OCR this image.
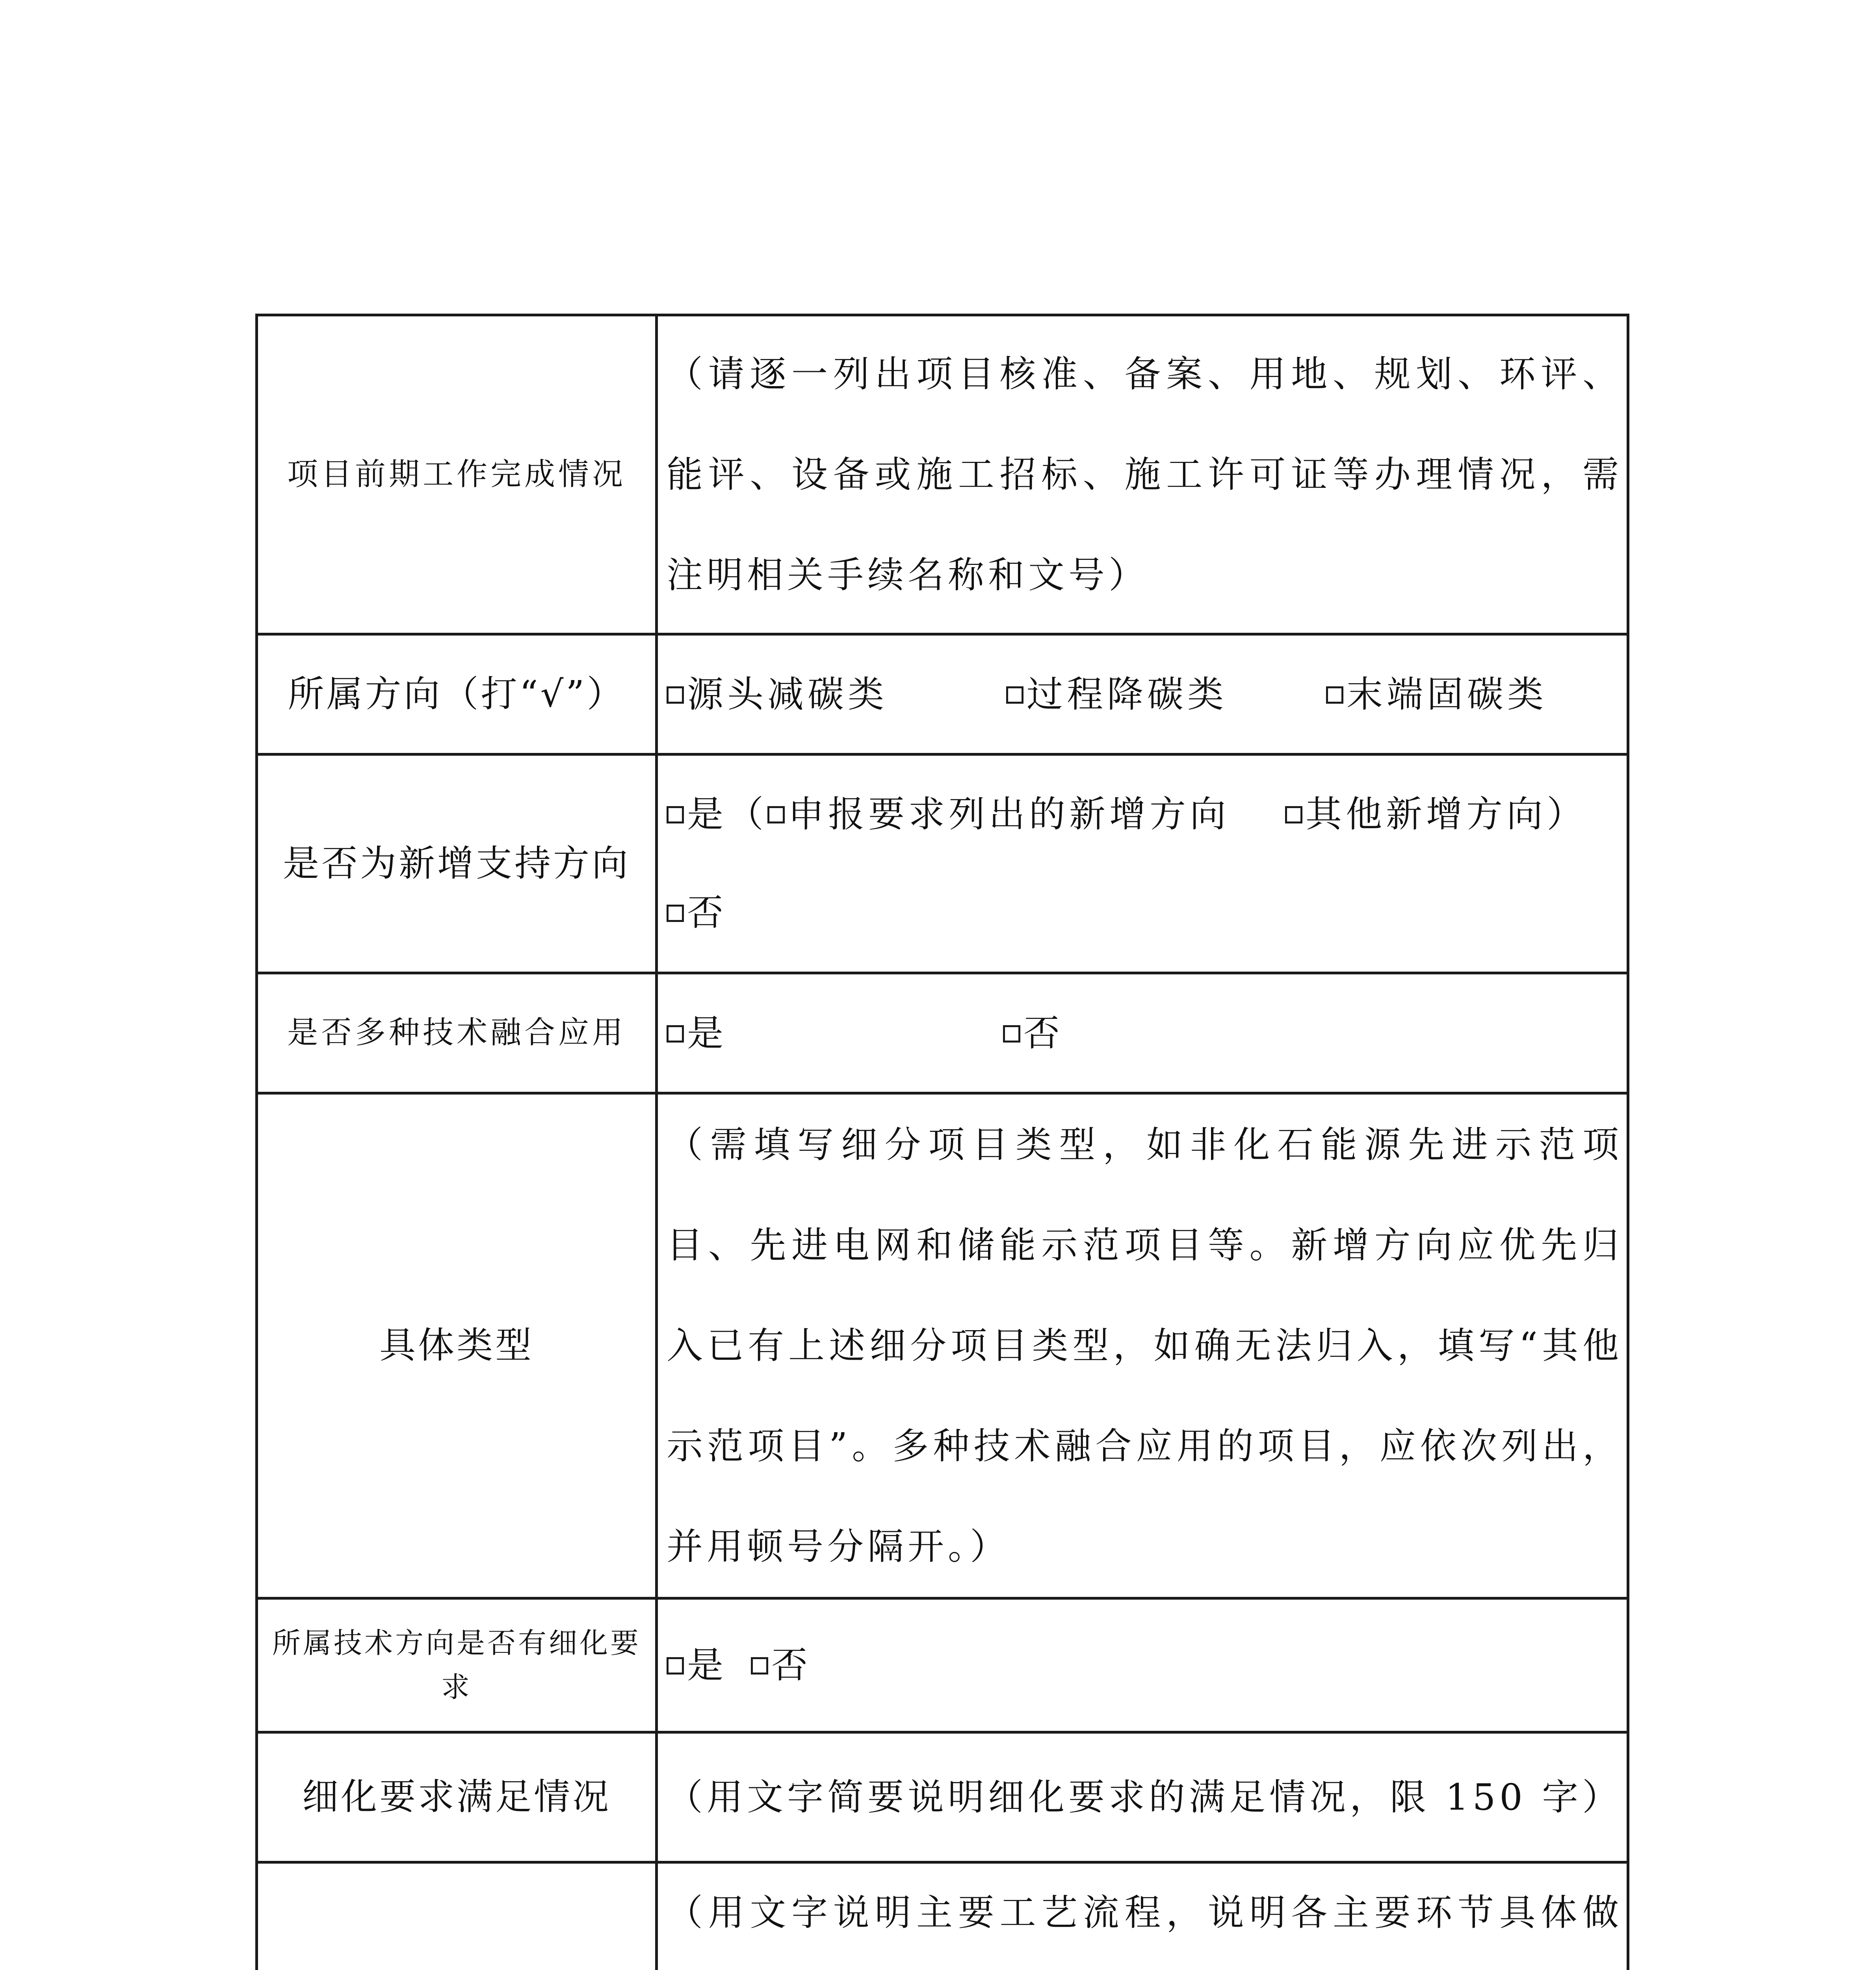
项目前期工作完成情况	（请逐一列出项目核准、备案、用地、规划、环评、能评、设备或施工招标、施工许可证等办理情况，需注明相关手续名称和文号）
所属方向（打“√”）	源头减碳类 过程降碳类 末端固碳类
是否为新增支持方向	是（ 申报要求列出的新增方向 其他新增方向）
否

是否多种技术融合应用	是 否
具体类型	（需填写细分项目类型，如非化石能源先进示范项目、先进电网和储能示范项目等。新增方向应优先归入已有上述细分项目类型，如确无法归入，填写“其他示范项目”。多种技术融合应用的项目，应依次列出，并用顿号分隔开。）
所属技术方向是否有细化要求	是 否
细化要求满足情况	（用文字简要说明细化要求的满足情况，限 150 字）
	（用文字说明主要工艺流程，说明各主要环节具体做
